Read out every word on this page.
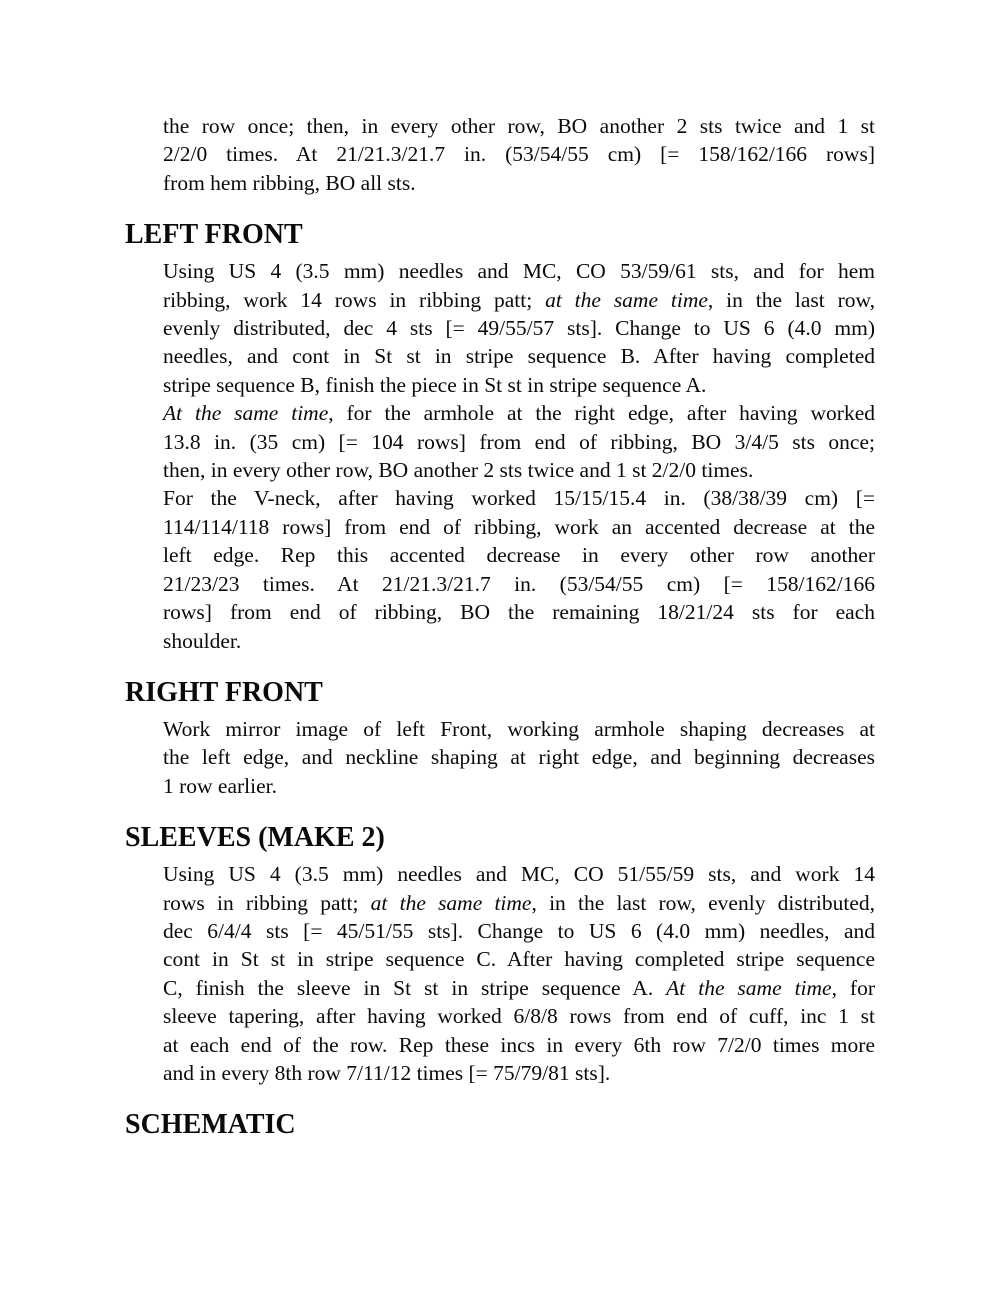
the row once; then, in every other row, BO another 2 sts twice and 1 st
2/2/0 times. At 21/21.3/21.7 in. (53/54/55 cm) [= 158/162/166 rows]
from hem ribbing, BO all sts.
LEFT FRONT
Using US 4 (3.5 mm) needles and MC, CO 53/59/61 sts, and for hem
ribbing, work 14 rows in ribbing patt; at the same time, in the last row,
evenly distributed, dec 4 sts [= 49/55/57 sts]. Change to US 6 (4.0 mm)
needles, and cont in St st in stripe sequence B. After having completed
stripe sequence B, finish the piece in St st in stripe sequence A.
At the same time, for the armhole at the right edge, after having worked
13.8 in. (35 cm) [= 104 rows] from end of ribbing, BO 3/4/5 sts once;
then, in every other row, BO another 2 sts twice and 1 st 2/2/0 times.
For the V-neck, after having worked 15/15/15.4 in. (38/38/39 cm) [=
114/114/118 rows] from end of ribbing, work an accented decrease at the
left edge. Rep this accented decrease in every other row another
21/23/23 times. At 21/21.3/21.7 in. (53/54/55 cm) [= 158/162/166
rows] from end of ribbing, BO the remaining 18/21/24 sts for each
shoulder.
RIGHT FRONT
Work mirror image of left Front, working armhole shaping decreases at
the left edge, and neckline shaping at right edge, and beginning decreases
1 row earlier.
SLEEVES (MAKE 2)
Using US 4 (3.5 mm) needles and MC, CO 51/55/59 sts, and work 14
rows in ribbing patt; at the same time, in the last row, evenly distributed,
dec 6/4/4 sts [= 45/51/55 sts]. Change to US 6 (4.0 mm) needles, and
cont in St st in stripe sequence C. After having completed stripe sequence
C, finish the sleeve in St st in stripe sequence A. At the same time, for
sleeve tapering, after having worked 6/8/8 rows from end of cuff, inc 1 st
at each end of the row. Rep these incs in every 6th row 7/2/0 times more
and in every 8th row 7/11/12 times [= 75/79/81 sts].
SCHEMATIC
